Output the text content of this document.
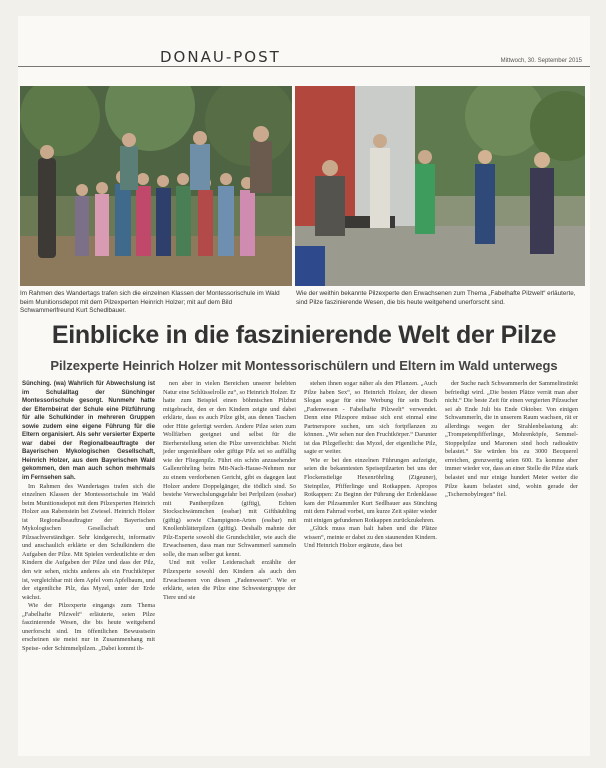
DONAU-POST	Mittwoch, 30. September 2015
Im Rahmen des Wandertags trafen sich die einzelnen Klassen der Montessorischule im Wald beim Munitionsdepot mit dem Pilzexperten Heinrich Holzer; mit auf dem Bild Schwammerlfreund Kurt Schedlbauer.
Wie der weithin bekannte Pilzexperte den Erwachsenen zum Thema „Fabelhafte Pilzwelt“ erläuterte, sind Pilze faszinierende Wesen, die bis heute weitgehend unerforscht sind.
Einblicke in die faszinierende Welt der Pilze
Pilzexperte Heinrich Holzer mit Montessorischülern und Eltern im Wald unterwegs

Sünching. (wa) Wahrlich für Abwechslung ist im Schulalltag der Sünchinger Montessorischule gesorgt. Nunmehr hatte der Elternbeirat der Schule eine Pilzführung für alle Schulkinder in mehreren Gruppen sowie zudem eine eigene Führung für die Eltern organisiert. Als sehr versierter Experte war dabei der Regionalbeauftragte der Bayerischen Mykologischen Gesellschaft, Heinrich Holzer, aus dem Bayerischen Wald gekommen, den man auch schon mehrmals im Fernsehen sah.

Im Rahmen des Wandertages trafen sich die einzelnen Klassen der Montessorischule im Wald beim Munitionsdepot mit dem Pilzexperten Heinrich Holzer aus Rabenstein bei Zwiesel. Heinrich Holzer ist Regionalbeauftragter der Bayerischen Mykologischen Gesellschaft und Pilzsachverständiger. Sehr kindgerecht, informativ und anschaulich erklärte er den Schulkindern die Aufgaben der Pilze. Mit Spielen verdeutlichte er den Kindern die Aufgaben der Pilze und dass der Pilz, den wir sehen, nichts anderes als ein Fruchtkörper ist, vergleichbar mit dem Apfel vom Apfelbaum, und der eigentliche Pilz, das Myzel, unter der Erde wächst.

Wie der Pilzexperte eingangs zum Thema „Fabelhafte Pilzwelt“ erläuterte, seien Pilze faszinierende Wesen, die bis heute weitgehend unerforscht sind. Im öffentlichen Bewusstsein erscheinen sie meist nur in Zusammenhang mit Speise- oder Schimmelpilzen. „Dabei kommt ih-

nen aber in vielen Bereichen unserer belebten Natur eine Schlüsselrolle zu“, so Heinrich Holzer. Er hatte zum Beispiel einen böhmischen Pilzhut mitgebracht, den er den Kindern zeigte und dabei erklärte, dass es auch Pilze gibt, aus denen Taschen oder Hüte gefertigt werden. Andere Pilze seien zum Wollfärben geeignet und selbst für die Bierherstellung seien die Pilze unverzichtbar. Nicht jeder ungenießbare oder giftige Pilz sei so auffällig wie der Fliegenpilz. Führt ein schön anzusehender Gallenröhrling beim Mit-Nach-Hause-Nehmen nur zu einem verdorbenen Gericht, gibt es dagegen laut Holzer andere Doppelgänger, die tödlich sind. So bestehe Verwechslungsgefahr bei Perlpilzen (essbar) mit Pantherpilzen (giftig), Echten Stockschwämmchen (essbar) mit Gifthäubling (giftig) sowie Champignon-Arten (essbar) mit Knollenblätterpilzen (giftig). Deshalb mahnte der Pilz-Experte sowohl die Grundschüler, wie auch die Erwachsenen, dass man nur Schwammerl sammeln solle, die man selber gut kennt.

Und mit voller Leidenschaft erzählte der Pilzexperte sowohl den Kindern als auch den Erwachsenen von diesen „Fadenwesen“. Wie er erklärte, seien die Pilze eine Schwestergruppe der Tiere und sie

stehen ihnen sogar näher als den Pflanzen. „Auch Pilze haben Sex“, so Heinrich Holzer, der diesen Slogan sogar für eine Werbung für sein Buch „Fadenwesen - Fabelhafte Pilzwelt“ verwendet. Denn eine Pilzspore müsse sich erst einmal eine Partnerspore suchen, um sich fortpflanzen zu können. „Wir sehen nur den Fruchtkörper.“ Darunter ist das Pilzgeflecht: das Myzel, der eigentliche Pilz, sagte er weiter.

Wie er bei den einzelnen Führungen aufzeigte, seien die bekanntesten Speisepilzarten bei uns der Flockenstielige Hexenröhrling (Zigeuner), Steinpilze, Pfifferlinge und Rotkappen. Apropos Rotkappen: Zu Beginn der Führung der Erdenklasse kam der Pilzsammler Kurt Sedlbauer aus Sünching mit dem Fahrrad vorbei, um kurze Zeit später wieder mit einigen gefundenen Rotkappen zurückzukehren.

„Glück muss man halt haben und die Plätze wissen“, meinte er dabei zu den staunenden Kindern. Und Heinrich Holzer ergänzte, dass bei

der Suche nach Schwammerln der Sammelinstinkt befriedigt wird. „Die besten Plätze verrät man aber nicht.“ Die beste Zeit für einen vergierten Pilzsucher sei ab Ende Juli bis Ende Oktober. Von einigen Schwammerln, die in unserem Raum wachsen, rät er allerdings wegen der Strahlenbelastung ab: „Trompetenpfifferlinge, Mohrenköpfe, Semmel-Stoppelpilze und Maronen sind hoch radioaktiv belastet.“ Sie würden bis zu 3000 Becquerel erreichen, grenzwertig seien 600. Es komme aber immer wieder vor, dass an einer Stelle die Pilze stark belastet und nur einige hundert Meter weiter die Pilze kaum belastet sind, wohin gerade der „Tschernobylregen“ fiel.
